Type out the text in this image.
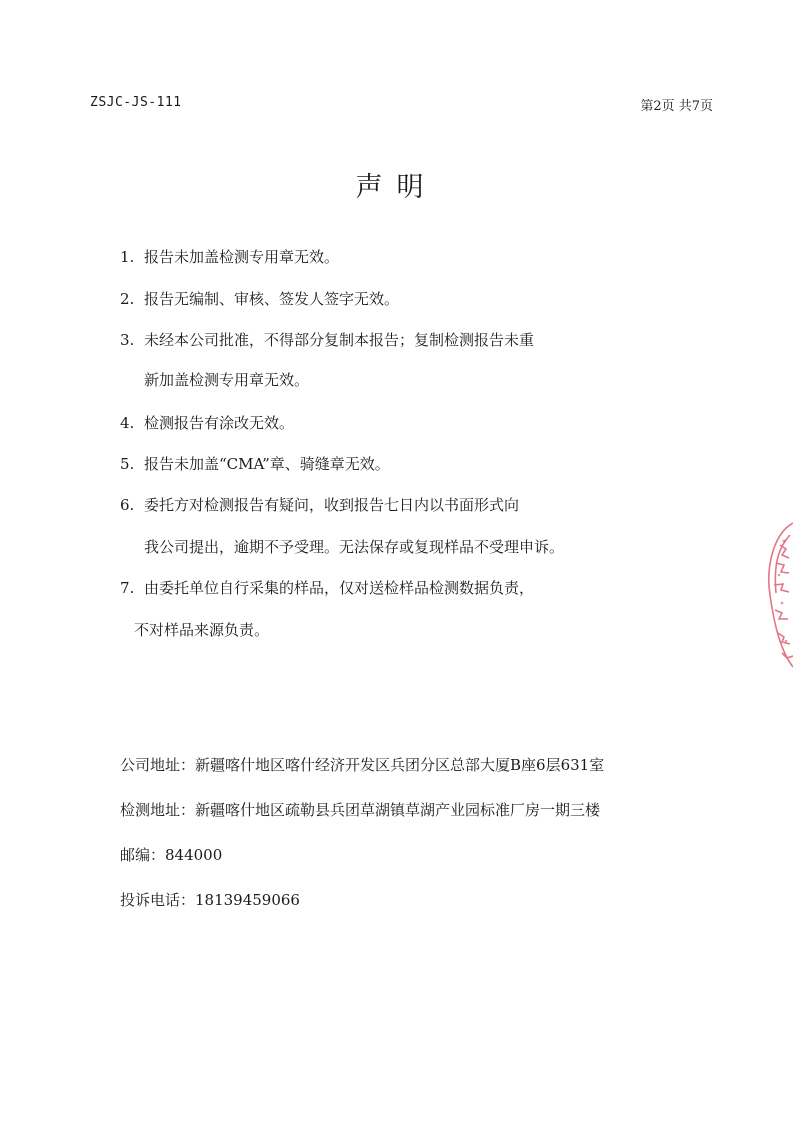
ZSJC-JS-111	第2页 共7页
声明
1. 报告未加盖检测专用章无效。
2. 报告无编制、审核、签发人签字无效。
3. 未经本公司批准，不得部分复制本报告；复制检测报告未重
新加盖检测专用章无效。
4. 检测报告有涂改无效。
5. 报告未加盖“CMA”章、骑缝章无效。
6. 委托方对检测报告有疑问，收到报告七日内以书面形式向
我公司提出，逾期不予受理。无法保存或复现样品不受理申诉。
7. 由委托单位自行采集的样品，仅对送检样品检测数据负责，
不对样品来源负责。
公司地址：新疆喀什地区喀什经济开发区兵团分区总部大厦B座6层631室
检测地址：新疆喀什地区疏勒县兵团草湖镇草湖产业园标准厂房一期三楼
邮编：844000
投诉电话：18139459066
